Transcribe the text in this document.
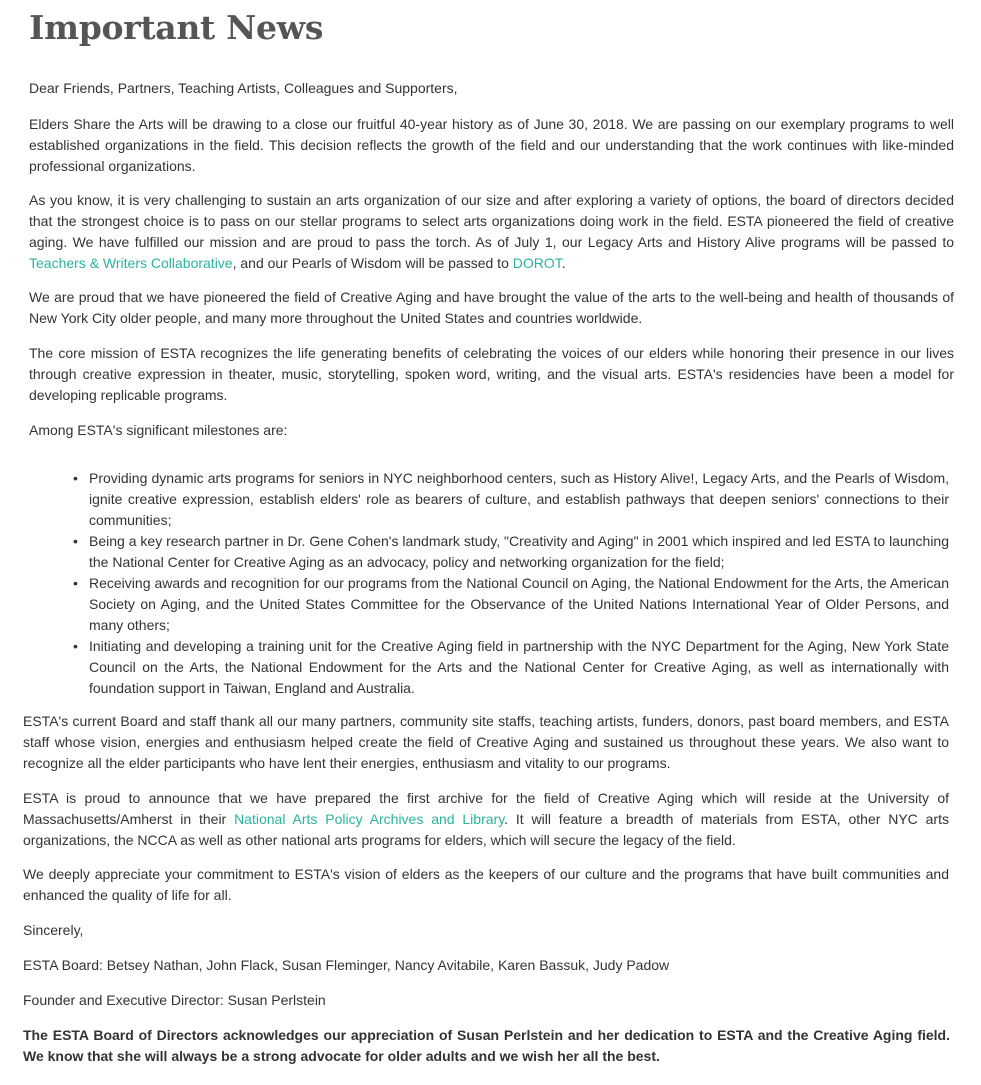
Important News

Dear Friends, Partners, Teaching Artists, Colleagues and Supporters,

Elders Share the Arts will be drawing to a close our fruitful 40-year history as of June 30, 2018. We are passing on our exemplary programs to well established organizations in the field. This decision reflects the growth of the field and our understanding that the work continues with like-minded professional organizations.

As you know, it is very challenging to sustain an arts organization of our size and after exploring a variety of options, the board of directors decided that the strongest choice is to pass on our stellar programs to select arts organizations doing work in the field. ESTA pioneered the field of creative aging. We have fulfilled our mission and are proud to pass the torch. As of July 1, our Legacy Arts and History Alive programs will be passed to Teachers & Writers Collaborative, and our Pearls of Wisdom will be passed to DOROT.

We are proud that we have pioneered the field of Creative Aging and have brought the value of the arts to the well-being and health of thousands of New York City older people, and many more throughout the United States and countries worldwide.

The core mission of ESTA recognizes the life generating benefits of celebrating the voices of our elders while honoring their presence in our lives through creative expression in theater, music, storytelling, spoken word, writing, and the visual arts. ESTA's residencies have been a model for developing replicable programs.

Among ESTA's significant milestones are:

• Providing dynamic arts programs for seniors in NYC neighborhood centers, such as History Alive!, Legacy Arts, and the Pearls of Wisdom, ignite creative expression, establish elders' role as bearers of culture, and establish pathways that deepen seniors' connections to their communities;
• Being a key research partner in Dr. Gene Cohen's landmark study, "Creativity and Aging" in 2001 which inspired and led ESTA to launching the National Center for Creative Aging as an advocacy, policy and networking organization for the field;
• Receiving awards and recognition for our programs from the National Council on Aging, the National Endowment for the Arts, the American Society on Aging, and the United States Committee for the Observance of the United Nations International Year of Older Persons, and many others;
• Initiating and developing a training unit for the Creative Aging field in partnership with the NYC Department for the Aging, New York State Council on the Arts, the National Endowment for the Arts and the National Center for Creative Aging, as well as internationally with foundation support in Taiwan, England and Australia.

ESTA's current Board and staff thank all our many partners, community site staffs, teaching artists, funders, donors, past board members, and ESTA staff whose vision, energies and enthusiasm helped create the field of Creative Aging and sustained us throughout these years. We also want to recognize all the elder participants who have lent their energies, enthusiasm and vitality to our programs.

ESTA is proud to announce that we have prepared the first archive for the field of Creative Aging which will reside at the University of Massachusetts/Amherst in their National Arts Policy Archives and Library. It will feature a breadth of materials from ESTA, other NYC arts organizations, the NCCA as well as other national arts programs for elders, which will secure the legacy of the field.

We deeply appreciate your commitment to ESTA's vision of elders as the keepers of our culture and the programs that have built communities and enhanced the quality of life for all.

Sincerely,

ESTA Board: Betsey Nathan, John Flack, Susan Fleminger, Nancy Avitabile, Karen Bassuk, Judy Padow

Founder and Executive Director: Susan Perlstein

The ESTA Board of Directors acknowledges our appreciation of Susan Perlstein and her dedication to ESTA and the Creative Aging field. We know that she will always be a strong advocate for older adults and we wish her all the best.
